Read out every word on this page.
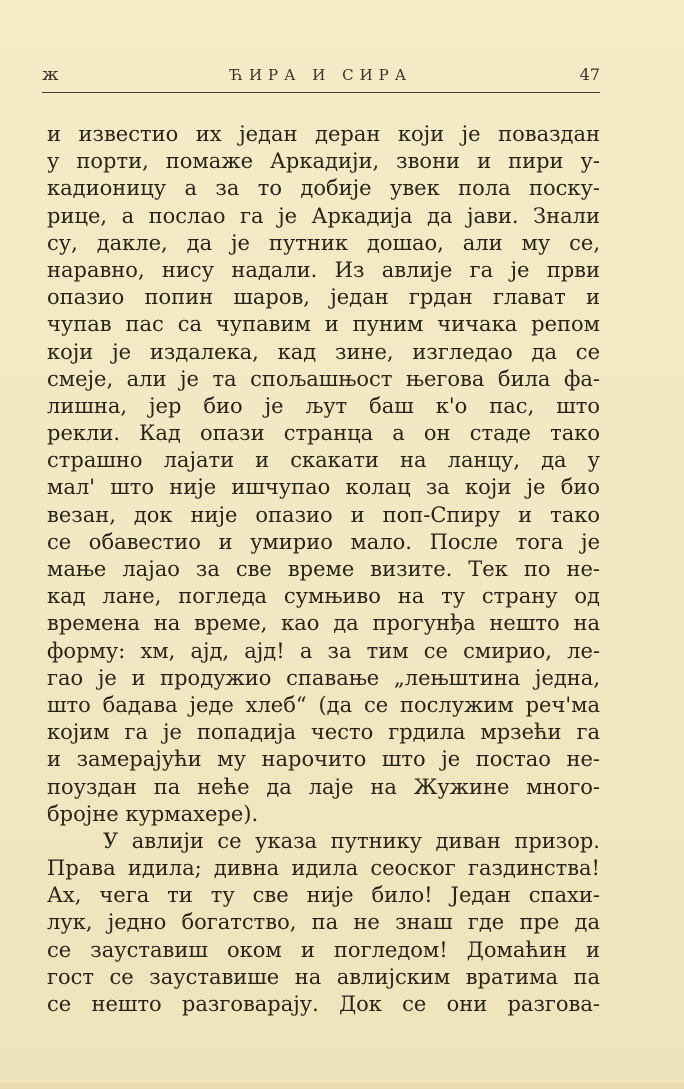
ж	ЋИРА И СИРА	47
и известио их један деран који је поваздан
у порти, помаже Аркадији, звони и пири у-
кадионицу а за то добије увек пола поску-
рице, а послао га је Аркадија да јави. Знали
су, дакле, да је путник дошао, али му се,
наравно, нису надали. Из авлије га је први
опазио попин шаров, један грдан глават и
чупав пас са чупавим и пуним чичака репом
који је издалека, кад зине, изгледао да се
смеје, али је та спољашњост његова била фа-
лишна, јер био је љут баш к'о пас, што
рекли. Кад опази странца а он стаде тако
страшно лајати и скакати на ланцу, да у
мал' што није ишчупао колац за који је био
везан, док није опазио и поп-Спиру и тако
се обавестио и умирио мало. После тога је
мање лајао за све време визите. Тек по не-
кад лане, погледа сумњиво на ту страну од
времена на време, као да прогунђа нешто на
форму: хм, ајд, ајд! а за тим се смирио, ле-
гао је и продужио спавање „лењштина једна,
што бадава једе хлеб“ (да се послужим реч'ма
којим га је попадија често грдила мрзећи га
и замерајући му нарочито што је постао не-
поуздан па неће да лаје на Жужине много-
бројне курмахере).
У авлији се указа путнику диван призор.
Права идила; дивна идила сеоског газдинства!
Ах, чега ти ту све није било! Један спахи-
лук, једно богатство, па не знаш где пре да
се зауставиш оком и погледом! Домаћин и
гост се зауставише на авлијским вратима па
се нешто разговарају. Док се они разгова-
